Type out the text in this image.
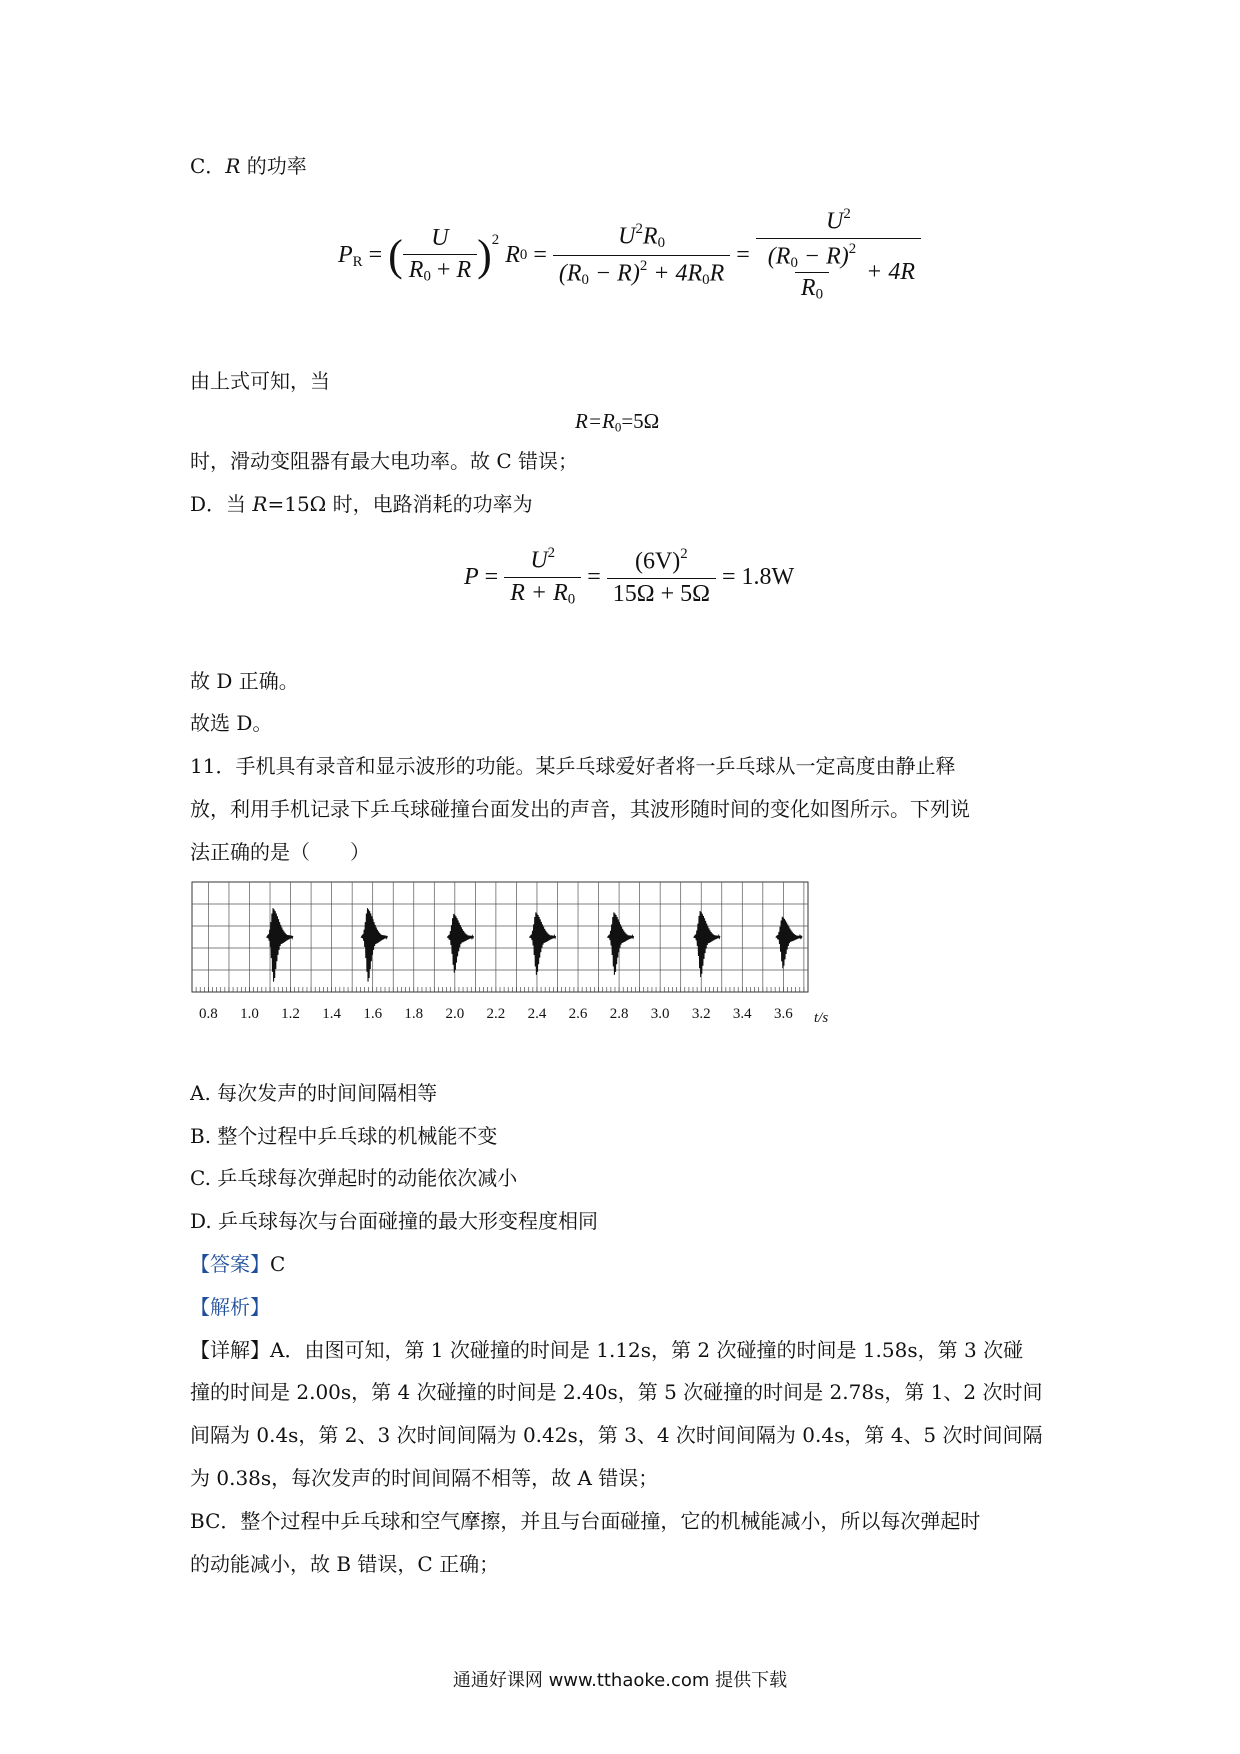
C．R 的功率
$P_R$ = ( $\frac{U}{R_0 + R} )^2$
R $0 = \frac{U^2R_0}{(R_0 - R)^2 + 4R_0R} = \frac{U^2}{\frac{(R_0 - R)^2}{R_0} + 4R}$
由上式可知，当
$R=R_0=5\Omega$
时，滑动变阻器有最大电功率。故 C 错误；
D．当 R=15Ω 时，电路消耗的功率为
$P = \frac{U^2}{R + R_0} = \frac{(6V)^2}{15\Omega + 5\Omega} = 1.8W$
故 D 正确。
故选 D。
11．手机具有录音和显示波形的功能。某乒乓球爱好者将一乒乓球从一定高度由静止释
放，利用手机记录下乒乓球碰撞台面发出的声音，其波形随时间的变化如图所示。下列说
法正确的是（　　）
0.8 1.0 1.2 1.4 1.6 1.8 2.0 2.2 2.4 2.6 2.8 3.0 3.2 3.4 3.6 t/s
A. 每次发声的时间间隔相等
B. 整个过程中乒乓球的机械能不变
C. 乒乓球每次弹起时的动能依次减小
D. 乒乓球每次与台面碰撞的最大形变程度相同
【答案】C
【解析】
【详解】A．由图可知，第 1 次碰撞的时间是 1.12s，第 2 次碰撞的时间是 1.58s，第 3 次碰
撞的时间是 2.00s，第 4 次碰撞的时间是 2.40s，第 5 次碰撞的时间是 2.78s，第 1、2 次时间
间隔为 0.4s，第 2、3 次时间间隔为 0.42s，第 3、4 次时间间隔为 0.4s，第 4、5 次时间间隔
为 0.38s，每次发声的时间间隔不相等，故 A 错误；
BC．整个过程中乒乓球和空气摩擦，并且与台面碰撞，它的机械能减小，所以每次弹起时
的动能减小，故 B 错误，C 正确；
通通好课网 www.tthaoke.com 提供下载
